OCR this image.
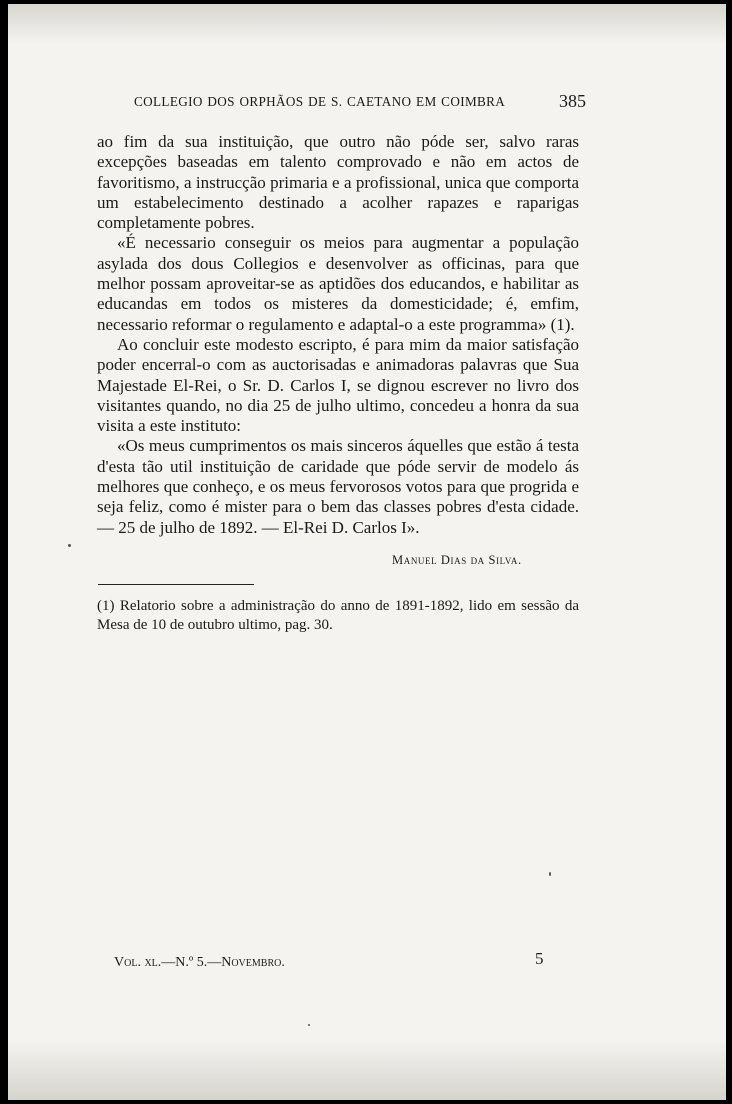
COLLEGIO DOS ORPHÃOS DE S. CAETANO EM COIMBRA	385

ao fim da sua instituição, que outro não póde ser, salvo raras excepções baseadas em talento comprovado e não em actos de favoritismo, a instrucção primaria e a profissional, unica que comporta um estabelecimento destinado a acolher rapazes e raparigas completamente pobres.

«É necessario conseguir os meios para augmentar a população asylada dos dous Collegios e desenvolver as officinas, para que melhor possam aproveitar-se as aptidões dos educandos, e habilitar as educandas em todos os misteres da domesticidade; é, emfim, necessario reformar o regulamento e adaptal-o a este programma» (1).

Ao concluir este modesto escripto, é para mim da maior satisfação poder encerral-o com as auctorisadas e animadoras palavras que Sua Majestade El-Rei, o Sr. D. Carlos I, se dignou escrever no livro dos visitantes quando, no dia 25 de julho ultimo, concedeu a honra da sua visita a este instituto:

«Os meus cumprimentos os mais sinceros áquelles que estão á testa d'esta tão util instituição de caridade que póde servir de modelo ás melhores que conheço, e os meus fervorosos votos para que progrida e seja feliz, como é mister para o bem das classes pobres d'esta cidade. — 25 de julho de 1892. — El-Rei D. Carlos I».

Manuel Dias da Silva.
(1) Relatorio sobre a administração do anno de 1891-1892, lido em sessão da Mesa de 10 de outubro ultimo, pag. 30.
Vol. xl.—N.º 5.—Novembro.	5
